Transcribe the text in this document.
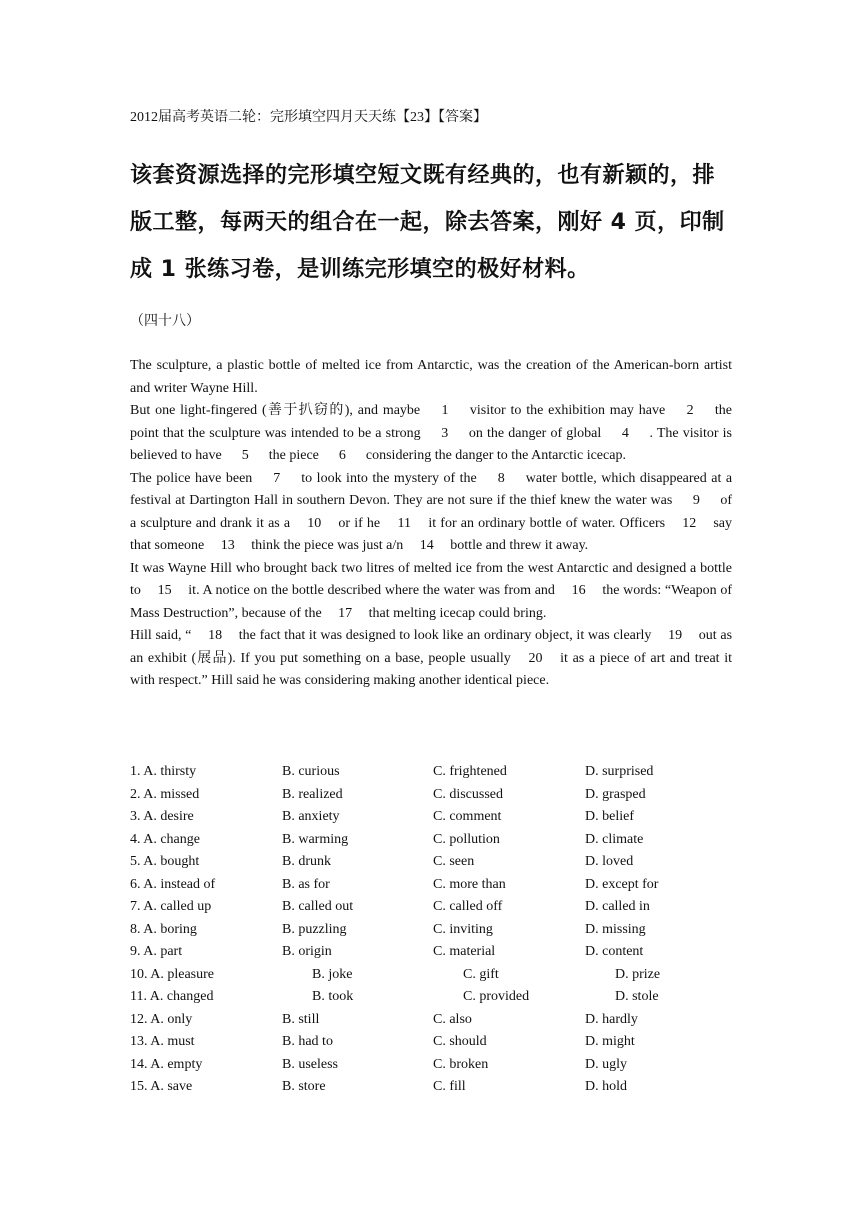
2012届高考英语二轮：完形填空四月天天练【23】【答案】
该套资源选择的完形填空短文既有经典的，也有新颖的，排版工整，每两天的组合在一起，除去答案，刚好 4 页，印制成 1 张练习卷，是训练完形填空的极好材料。
（四十八）

The sculpture, a plastic bottle of melted ice from Antarctic, was the creation of the American-born artist and writer Wayne Hill.

But one light-fingered (善于扒窃的), and maybe 1 visitor to the exhibition may have 2 the point that the sculpture was intended to be a strong 3 on the danger of global 4 . The visitor is believed to have 5 the piece 6 considering the danger to the Antarctic icecap.

The police have been 7 to look into the mystery of the 8 water bottle, which disappeared at a festival at Dartington Hall in southern Devon. They are not sure if the thief knew the water was 9 of a sculpture and drank it as a 10 or if he 11 it for an ordinary bottle of water. Officers 12 say that someone 13 think the piece was just a/n 14 bottle and threw it away.

It was Wayne Hill who brought back two litres of melted ice from the west Antarctic and designed a bottle to 15 it. A notice on the bottle described where the water was from and 16 the words: “Weapon of Mass Destruction”, because of the 17 that melting icecap could bring.

Hill said, “ 18 the fact that it was designed to look like an ordinary object, it was clearly 19 out as an exhibit (展品). If you put something on a base, people usually 20 it as a piece of art and treat it with respect.” Hill said he was considering making another identical piece.

1. A. thirsty	B. curious	C. frightened	D. surprised
2. A. missed	B. realized	C. discussed	D. grasped
3. A. desire	B. anxiety	C. comment	D. belief
4. A. change	B. warming	C. pollution	D. climate
5. A. bought	B. drunk	C. seen	D. loved
6. A. instead of	B. as for	C. more than	D. except for
7. A. called up	B. called out	C. called off	D. called in
8. A. boring	B. puzzling	C. inviting	D. missing
9. A. part	B. origin	C. material	D. content
10. A. pleasure	B. joke	C. gift	D. prize
11. A. changed	B. took	C. provided	D. stole
12. A. only	B. still	C. also	D. hardly
13. A. must	B. had to	C. should	D. might
14. A. empty	B. useless	C. broken	D. ugly
15. A. save	B. store	C. fill	D. hold
